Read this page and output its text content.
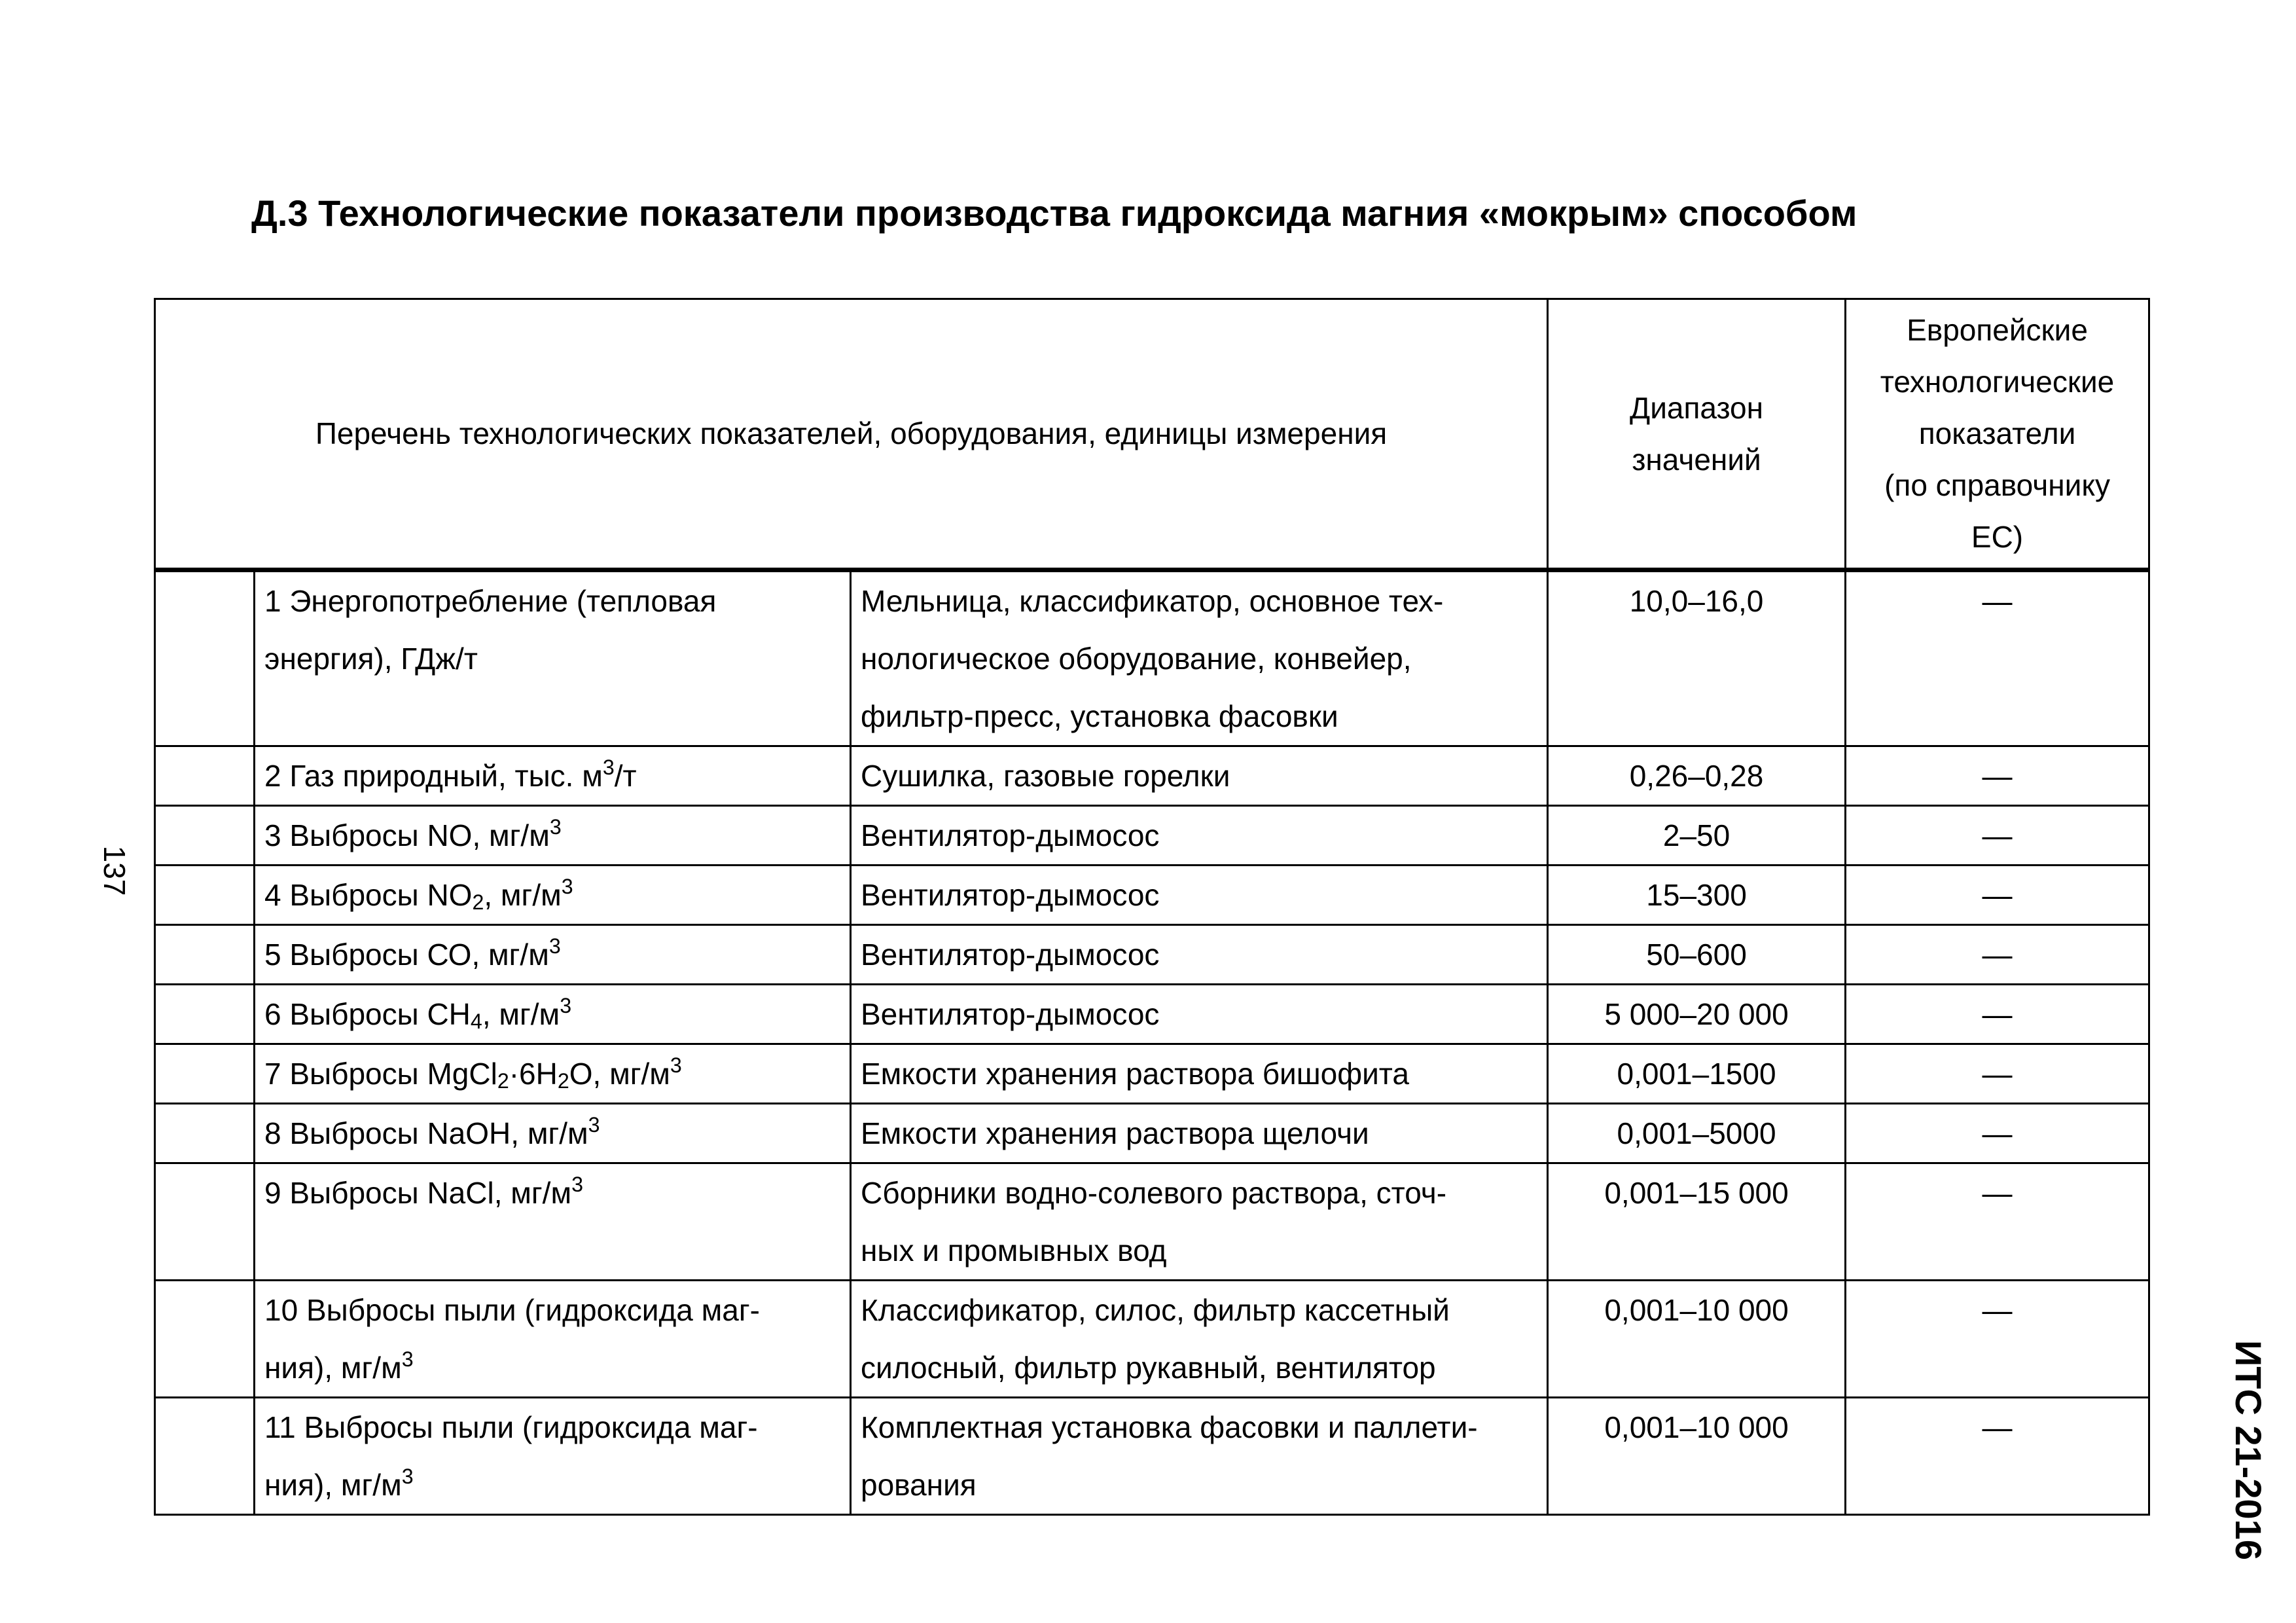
Д.3 Технологические показатели производства гидроксида магния «мокрым» способом
Перечень технологических показателей, оборудования, единицы измерения			Диапазон
значений	Европейские
технологические
показатели
(по справочнику
ЕС)

	1 Энергопотребление (тепловая
энергия), ГДж/т	Мельница, классификатор, основное тех-
нологическое оборудование, конвейер,
фильтр-пресс, установка фасовки	10,0–16,0	—
	2 Газ природный, тыс. $м^3/т$	Сушилка, газовые горелки	0,26–0,28	—
	3 Выбросы NO, $мг/м^3$	Вентилятор-дымосос	2–50	—
	4 Выбросы $NO_2$, $мг/м^3$	Вентилятор-дымосос	15–300	—
	5 Выбросы СО, $мг/м^3$	Вентилятор-дымосос	50–600	—
	6 Выбросы $СН_4$, $мг/м^3$	Вентилятор-дымосос	5 000–20 000	—
	7 Выбросы $MgCl_2\cdot 6H_2O$, $мг/м^3$	Емкости хранения раствора бишофита	0,001–1500	—
	8 Выбросы NaOH, $мг/м^3$	Емкости хранения раствора щелочи	0,001–5000	—
	9 Выбросы NaCl, $мг/м^3$	Сборники водно-солевого раствора, сточ-
ных и промывных вод	0,001–15 000	—

	10 Выбросы пыли (гидроксида маг-
ния), $мг/м^3$	Классификатор, силос, фильтр кассетный
силосный, фильтр рукавный, вентилятор	0,001–10 000	—

	11 Выбросы пыли (гидроксида маг-
ния), $мг/м^3$	Комплектная установка фасовки и паллети-
рования	0,001–10 000	—
137
ИТС 21-2016
